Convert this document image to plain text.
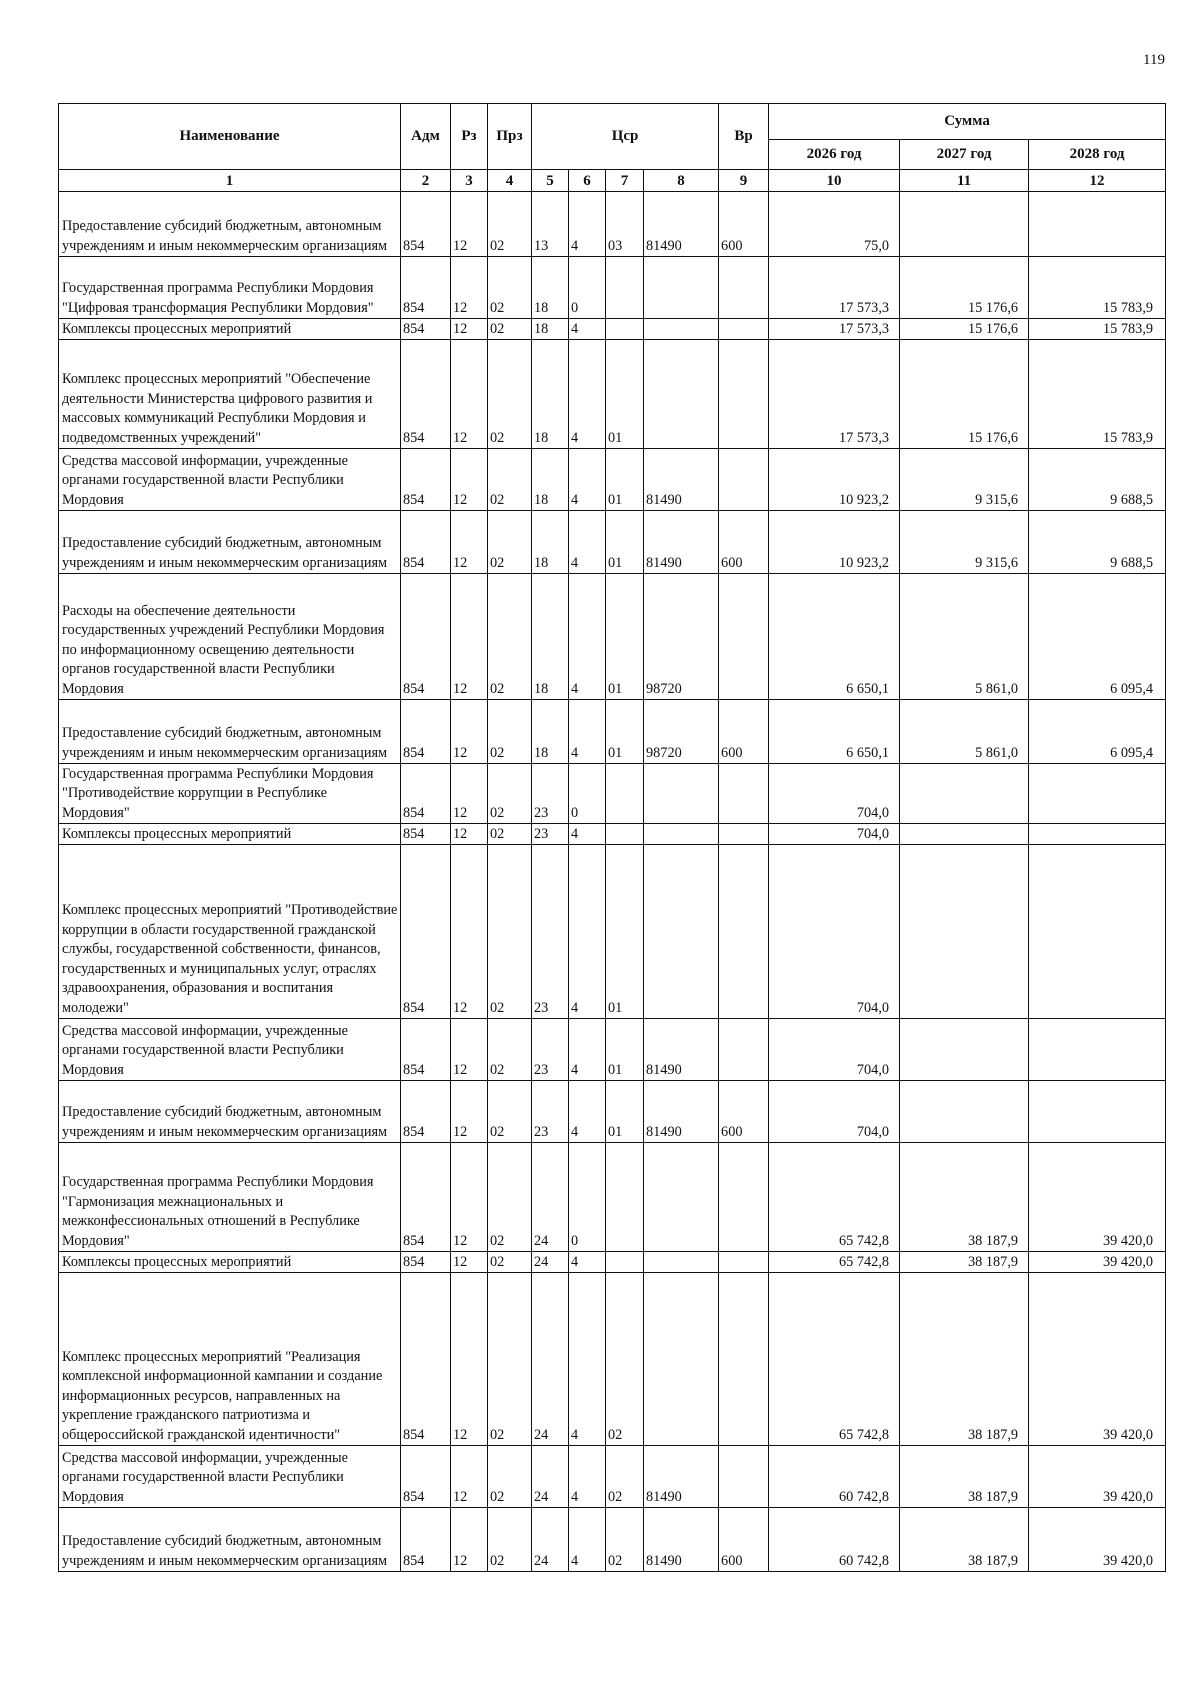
119
Наименование	Адм	Рз	Прз	Цср				Вр	Сумма		
									2026 год	2027 год	2028 год
1	2	3	4	5	6	7	8	9	10	11	12
Предоставление субсидий бюджетным, автономным учреждениям и иным некоммерческим организациям	854	12	02	13	4	03	81490	600	75,0		
Государственная программа Республики Мордовия "Цифровая трансформация Республики Мордовия"	854	12	02	18	0				17 573,3	15 176,6	15 783,9
Комплексы процессных мероприятий	854	12	02	18	4				17 573,3	15 176,6	15 783,9
Комплекс процессных мероприятий "Обеспечение деятельности Министерства цифрового развития и массовых коммуникаций Республики Мордовия и подведомственных учреждений"	854	12	02	18	4	01			17 573,3	15 176,6	15 783,9
Средства массовой информации, учрежденные органами государственной власти Республики Мордовия	854	12	02	18	4	01	81490		10 923,2	9 315,6	9 688,5
Предоставление субсидий бюджетным, автономным учреждениям и иным некоммерческим организациям	854	12	02	18	4	01	81490	600	10 923,2	9 315,6	9 688,5
Расходы на обеспечение деятельности государственных учреждений Республики Мордовия по информационному освещению деятельности органов государственной власти Республики Мордовия	854	12	02	18	4	01	98720		6 650,1	5 861,0	6 095,4
Предоставление субсидий бюджетным, автономным учреждениям и иным некоммерческим организациям	854	12	02	18	4	01	98720	600	6 650,1	5 861,0	6 095,4
Государственная программа Республики Мордовия "Противодействие коррупции в Республике Мордовия"	854	12	02	23	0				704,0		
Комплексы процессных мероприятий	854	12	02	23	4				704,0		
Комплекс процессных мероприятий "Противодействие коррупции в области государственной гражданской службы, государственной собственности, финансов, государственных и муниципальных услуг, отраслях здравоохранения, образования и воспитания молодежи"	854	12	02	23	4	01			704,0		
Средства массовой информации, учрежденные органами государственной власти Республики Мордовия	854	12	02	23	4	01	81490		704,0		
Предоставление субсидий бюджетным, автономным учреждениям и иным некоммерческим организациям	854	12	02	23	4	01	81490	600	704,0		
Государственная программа Республики Мордовия "Гармонизация межнациональных и межконфессиональных отношений в Республике Мордовия"	854	12	02	24	0				65 742,8	38 187,9	39 420,0
Комплексы процессных мероприятий	854	12	02	24	4				65 742,8	38 187,9	39 420,0
Комплекс процессных мероприятий "Реализация комплексной информационной кампании и создание информационных ресурсов, направленных на укрепление гражданского патриотизма и общероссийской гражданской идентичности"	854	12	02	24	4	02			65 742,8	38 187,9	39 420,0
Средства массовой информации, учрежденные органами государственной власти Республики Мордовия	854	12	02	24	4	02	81490		60 742,8	38 187,9	39 420,0
Предоставление субсидий бюджетным, автономным учреждениям и иным некоммерческим организациям	854	12	02	24	4	02	81490	600	60 742,8	38 187,9	39 420,0
